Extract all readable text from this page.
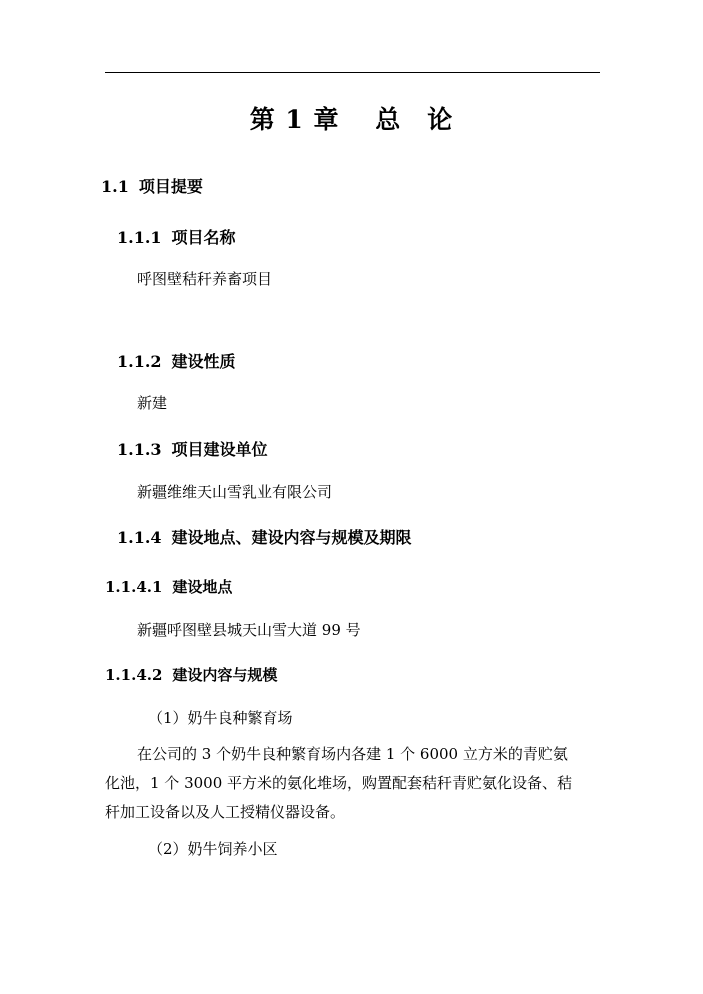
第 1 章　 总　论
1.1 项目提要
1.1.1 项目名称
呼图壁秸秆养畜项目
1.1.2 建设性质
新建
1.1.3 项目建设单位
新疆维维天山雪乳业有限公司
1.1.4 建设地点、建设内容与规模及期限
1.1.4.1 建设地点
新疆呼图壁县城天山雪大道 99 号
1.1.4.2 建设内容与规模
（1）奶牛良种繁育场
在公司的 3 个奶牛良种繁育场内各建 1 个 6000 立方米的青贮氨
化池，1 个 3000 平方米的氨化堆场，购置配套秸秆青贮氨化设备、秸
秆加工设备以及人工授精仪器设备。
（2）奶牛饲养小区
